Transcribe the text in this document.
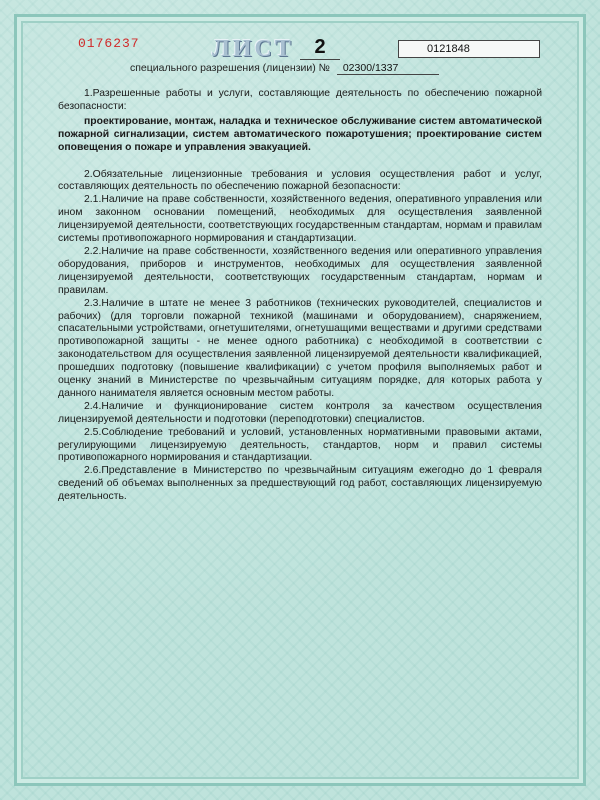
0176237	ЛИСТ	2	0121848
специального разрешения (лицензии) № 02300/1337

1.Разрешенные работы и услуги, составляющие деятельность по обеспечению пожарной безопасности:

проектирование, монтаж, наладка и техническое обслуживание систем автоматической пожарной сигнализации, систем автоматического пожаротушения; проектирование систем оповещения о пожаре и управления эвакуацией.

2.Обязательные лицензионные требования и условия осуществления работ и услуг, составляющих деятельность по обеспечению пожарной безопасности:

2.1.Наличие на праве собственности, хозяйственного ведения, оперативного управления или ином законном основании помещений, необходимых для осуществления заявленной лицензируемой деятельности, соответствующих государственным стандартам, нормам и правилам системы противопожарного нормирования и стандартизации.

2.2.Наличие на праве собственности, хозяйственного ведения или оперативного управления оборудования, приборов и инструментов, необходимых для осуществления заявленной лицензируемой деятельности, соответствующих государственным стандартам, нормам и правилам.

2.3.Наличие в штате не менее 3 работников (технических руководителей, специалистов и рабочих) (для торговли пожарной техникой (машинами и оборудованием), снаряжением, спасательными устройствами, огнетушителями, огнетушащими веществами и другими средствами противопожарной защиты - не менее одного работника) с необходимой в соответствии с законодательством для осуществления заявленной лицензируемой деятельности квалификацией, прошедших подготовку (повышение квалификации) с учетом профиля выполняемых работ и оценку знаний в Министерстве по чрезвычайным ситуациям порядке, для которых работа у данного нанимателя является основным местом работы.

2.4.Наличие и функционирование систем контроля за качеством осуществления лицензируемой деятельности и подготовки (переподготовки) специалистов.

2.5.Соблюдение требований и условий, установленных нормативными правовыми актами, регулирующими лицензируемую деятельность, стандартов, норм и правил системы противопожарного нормирования и стандартизации.

2.6.Представление в Министерство по чрезвычайным ситуациям ежегодно до 1 февраля сведений об объемах выполненных за предшествующий год работ, составляющих лицензируемую деятельность.
